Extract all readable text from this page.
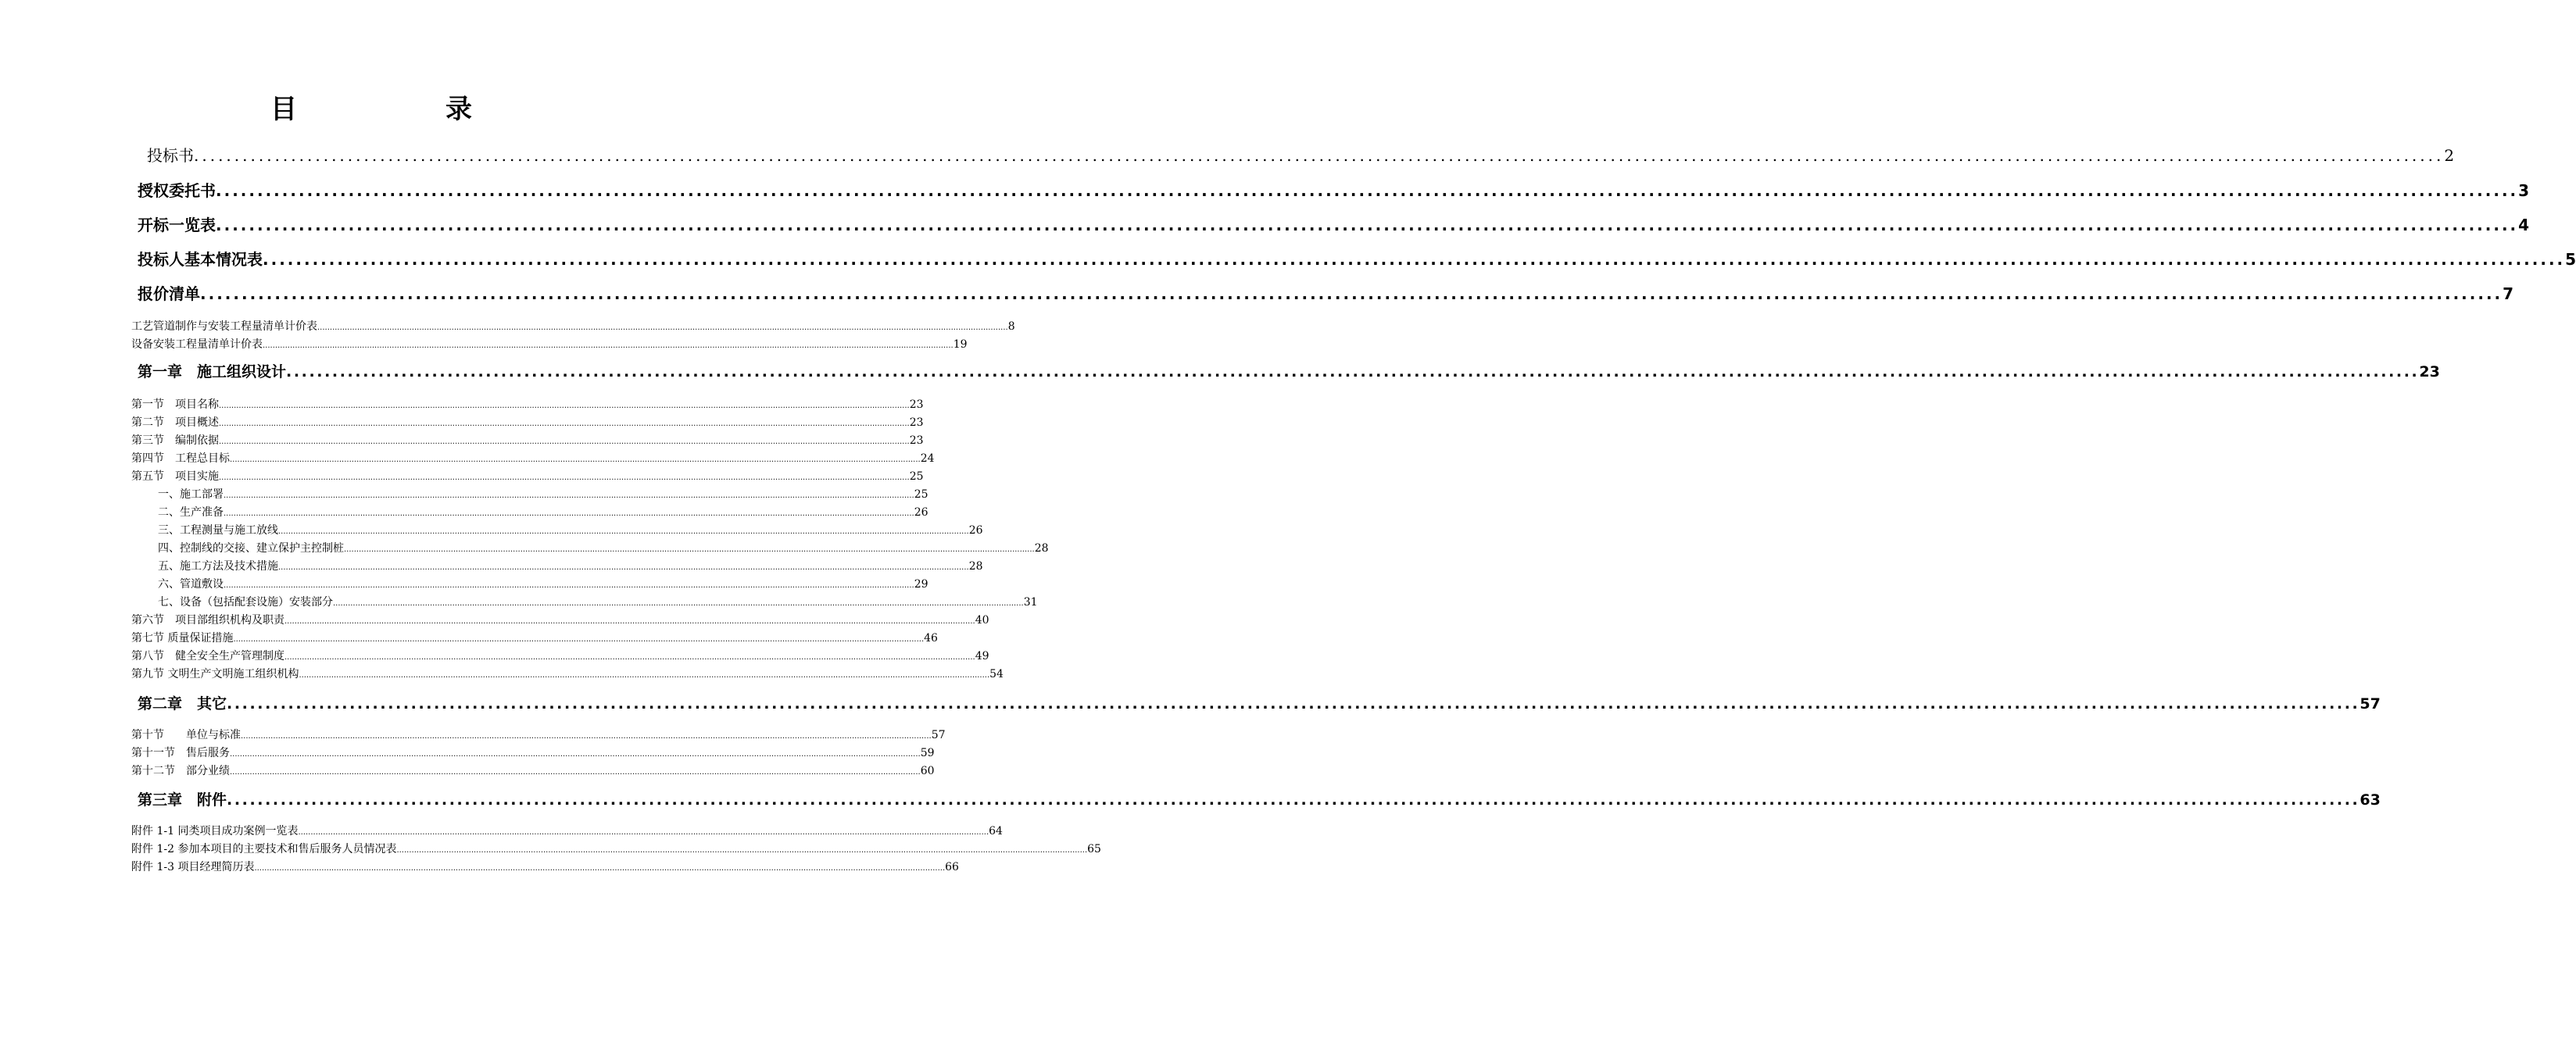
目　录
投标书 ...................................................................................................................................................................................................................................................................................... 2
授权委托书 ...................................................................................................................................................................................................................................................................................... 3
开标一览表 ...................................................................................................................................................................................................................................................................................... 4
投标人基本情况表 ...................................................................................................................................................................................................................................................................................... 5
报价清单 ...................................................................................................................................................................................................................................................................................... 7
工艺管道制作与安装工程量清单计价表 ...................................................................................................................................................................................................................................................................................... 8
设备安装工程量清单计价表 ...................................................................................................................................................................................................................................................................................... 19
第一章　施工组织设计 ...................................................................................................................................................................................................................................................................................... 23
第一节　项目名称 ...................................................................................................................................................................................................................................................................................... 23
第二节　项目概述 ...................................................................................................................................................................................................................................................................................... 23
第三节　编制依据 ...................................................................................................................................................................................................................................................................................... 23
第四节　工程总目标 ...................................................................................................................................................................................................................................................................................... 24
第五节　项目实施 ...................................................................................................................................................................................................................................................................................... 25
一、 施工部署 ...................................................................................................................................................................................................................................................................................... 25
二、 生产准备 ...................................................................................................................................................................................................................................................................................... 26
三、 工程测量与施工放线 ...................................................................................................................................................................................................................................................................................... 26
四、 控制线的交接、建立保护主控制桩 ...................................................................................................................................................................................................................................................................................... 28
五、 施工方法及技术措施 ...................................................................................................................................................................................................................................................................................... 28
六、 管道敷设 ...................................................................................................................................................................................................................................................................................... 29
七、 设备（包括配套设施）安装部分 ...................................................................................................................................................................................................................................................................................... 31
第六节　项目部组织机构及职责 ...................................................................................................................................................................................................................................................................................... 40
第七节 质量保证措施 ...................................................................................................................................................................................................................................................................................... 46
第八节　健全安全生产管理制度 ...................................................................................................................................................................................................................................................................................... 49
第九节 文明生产文明施工组织机构 ...................................................................................................................................................................................................................................................................................... 54
第二章　其它 ...................................................................................................................................................................................................................................................................................... 57
第十节　　单位与标准 ...................................................................................................................................................................................................................................................................................... 57
第十一节　售后服务 ...................................................................................................................................................................................................................................................................................... 59
第十二节　部分业绩 ...................................................................................................................................................................................................................................................................................... 60
第三章　附件 ...................................................................................................................................................................................................................................................................................... 63
附件 1-1 同类项目成功案例一览表 ...................................................................................................................................................................................................................................................................................... 64
附件 1-2 参加本项目的主要技术和售后服务人员情况表 ...................................................................................................................................................................................................................................................................................... 65
附件 1-3 项目经理简历表 ...................................................................................................................................................................................................................................................................................... 66
